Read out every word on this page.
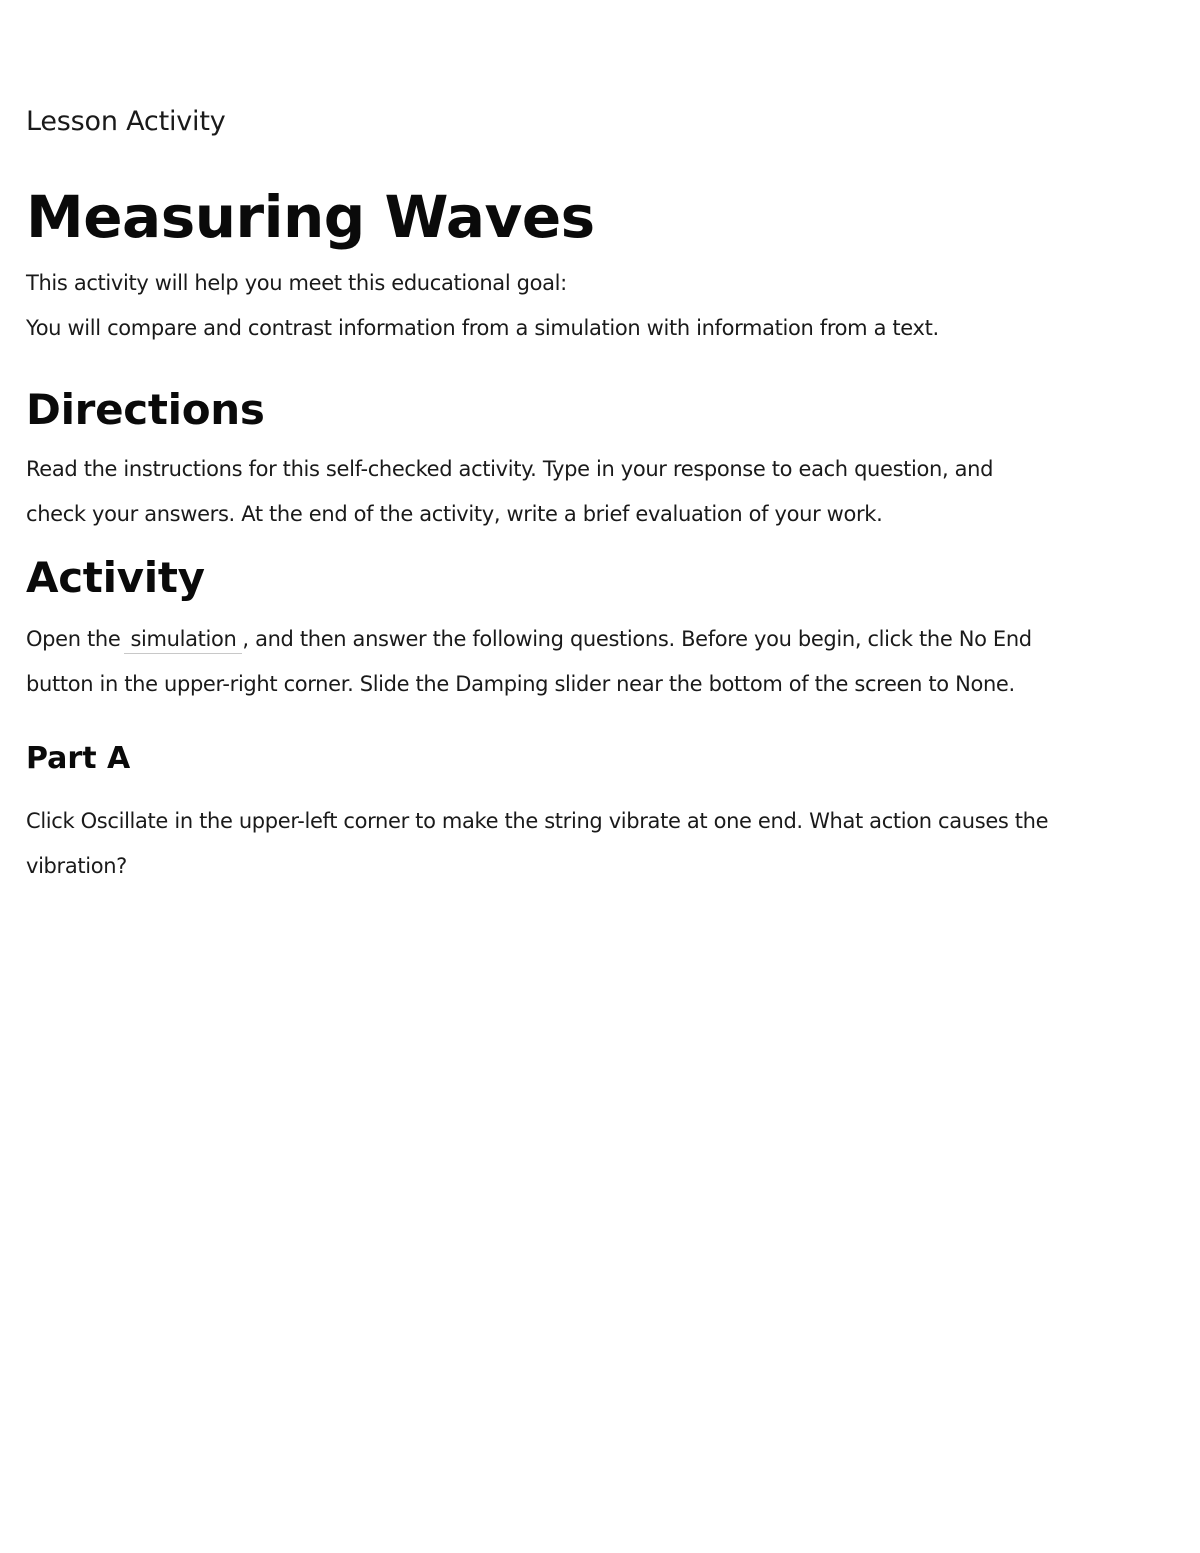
Lesson Activity
Measuring Waves
This activity will help you meet this educational goal:
You will compare and contrast information from a simulation with information from a text.
Directions
Read the instructions for this self-checked activity. Type in your response to each question, and
check your answers. At the end of the activity, write a brief evaluation of your work.
Activity
Open the simulation , and then answer the following questions. Before you begin, click the No End
button in the upper-right corner. Slide the Damping slider near the bottom of the screen to None.
Part A
Click Oscillate in the upper-left corner to make the string vibrate at one end. What action causes the
vibration?
